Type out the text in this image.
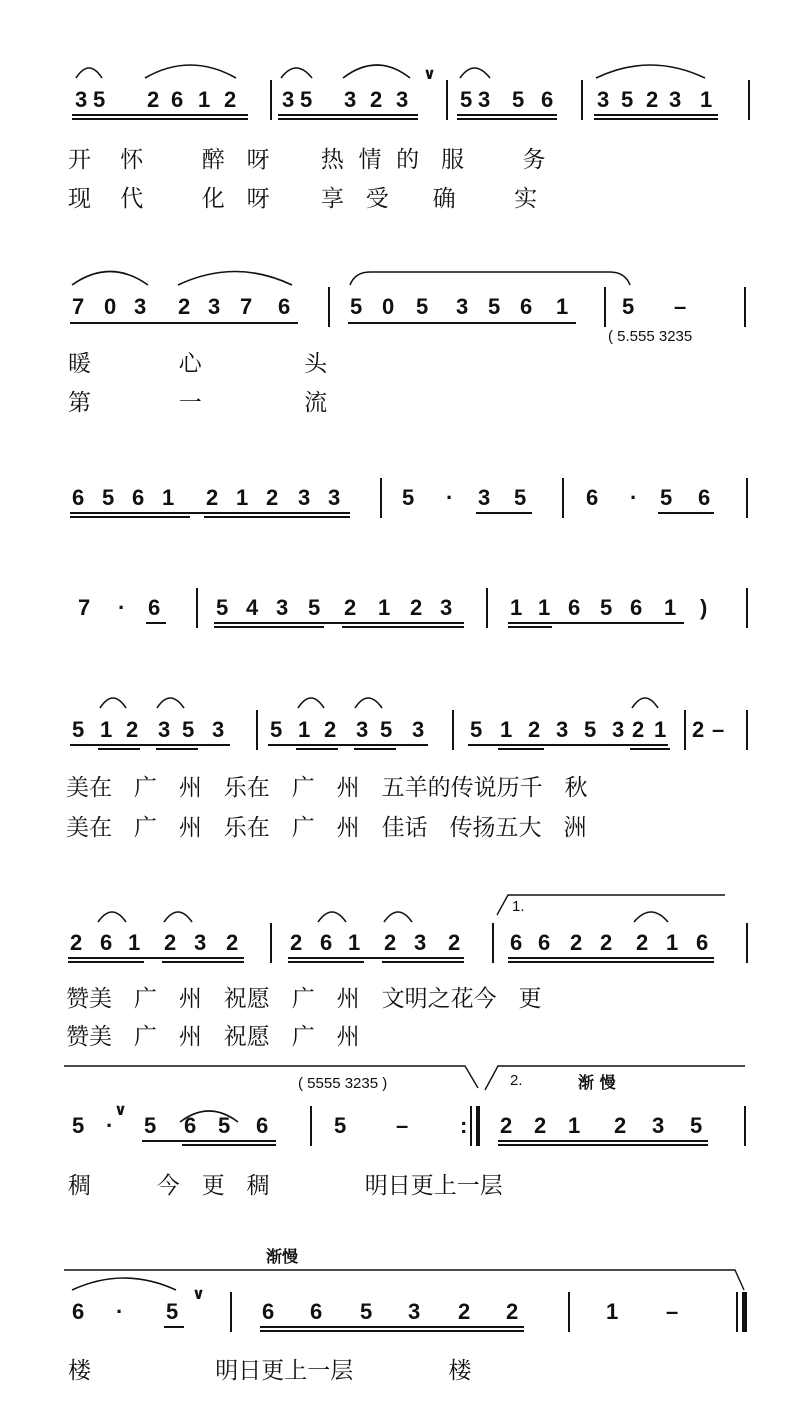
3 5 2 6 1 2 3 5 3 2 3
∨
5 3 5 6 3 5 2 3 1
开    怀        醉   呀       热  情  的   服        务
现    代        化   呀       享   受      确        实
7 0 3 2 3 7 6	5 0 5 3 5 6 1 5 –
( 5.555 3235
暖            心              头
第            一              流
6 5 6 1 2 1 2 3 3	5 · 3 5	6 · 5 6
7 · 6	5 4 3 5 2 1 2 3	1 1 6 5 6 1 )
5 1 2 3 5 3 5 1 2 3 5 3 5 1 2 3 5 3 2 1 2 –
美在   广   州   乐在   广   州   五羊的传说历千   秋
美在   广   州   乐在   广   州   佳话   传扬五大   洲
2 6 1 2 3 2 2 6 1 2 3 2
1.
6 6 2 2 2 1 6
赞美   广   州   祝愿   广   州   文明之花今   更
赞美   广   州   祝愿   广   州
( 5555 3235 )	2.	渐 慢
5 ·
∨
5 6 5 6	5 – : 2 2 1 2 3 5
稠         今   更   稠             明日更上一层
渐慢
6 · 5
∨
6 6 5 3 2 2	1 –
楼                 明日更上一层             楼
